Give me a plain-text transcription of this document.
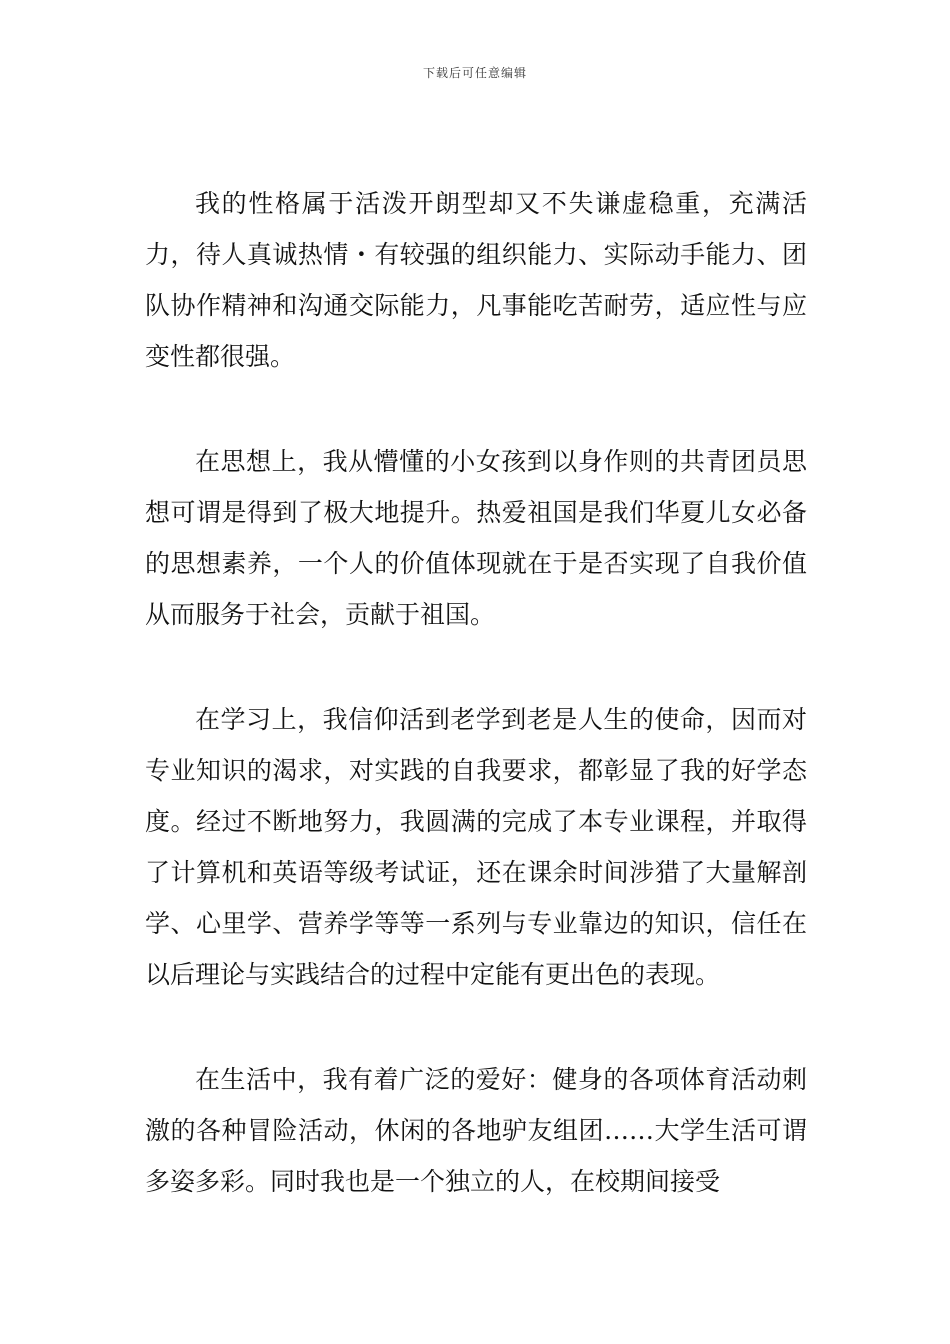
下载后可任意编辑

我的性格属于活泼开朗型却又不失谦虚稳重，充满活力，待人真诚热情・有较强的组织能力、实际动手能力、团队协作精神和沟通交际能力，凡事能吃苦耐劳，适应性与应变性都很强。

在思想上，我从懵懂的小女孩到以身作则的共青团员思想可谓是得到了极大地提升。热爱祖国是我们华夏儿女必备的思想素养，一个人的价值体现就在于是否实现了自我价值从而服务于社会，贡献于祖国。

在学习上，我信仰活到老学到老是人生的使命，因而对专业知识的渴求，对实践的自我要求，都彰显了我的好学态度。经过不断地努力，我圆满的完成了本专业课程，并取得了计算机和英语等级考试证，还在课余时间涉猎了大量解剖学、心里学、营养学等等一系列与专业靠边的知识，信任在以后理论与实践结合的过程中定能有更出色的表现。

在生活中，我有着广泛的爱好：健身的各项体育活动刺激的各种冒险活动，休闲的各地驴友组团……大学生活可谓多姿多彩。同时我也是一个独立的人，在校期间接受
